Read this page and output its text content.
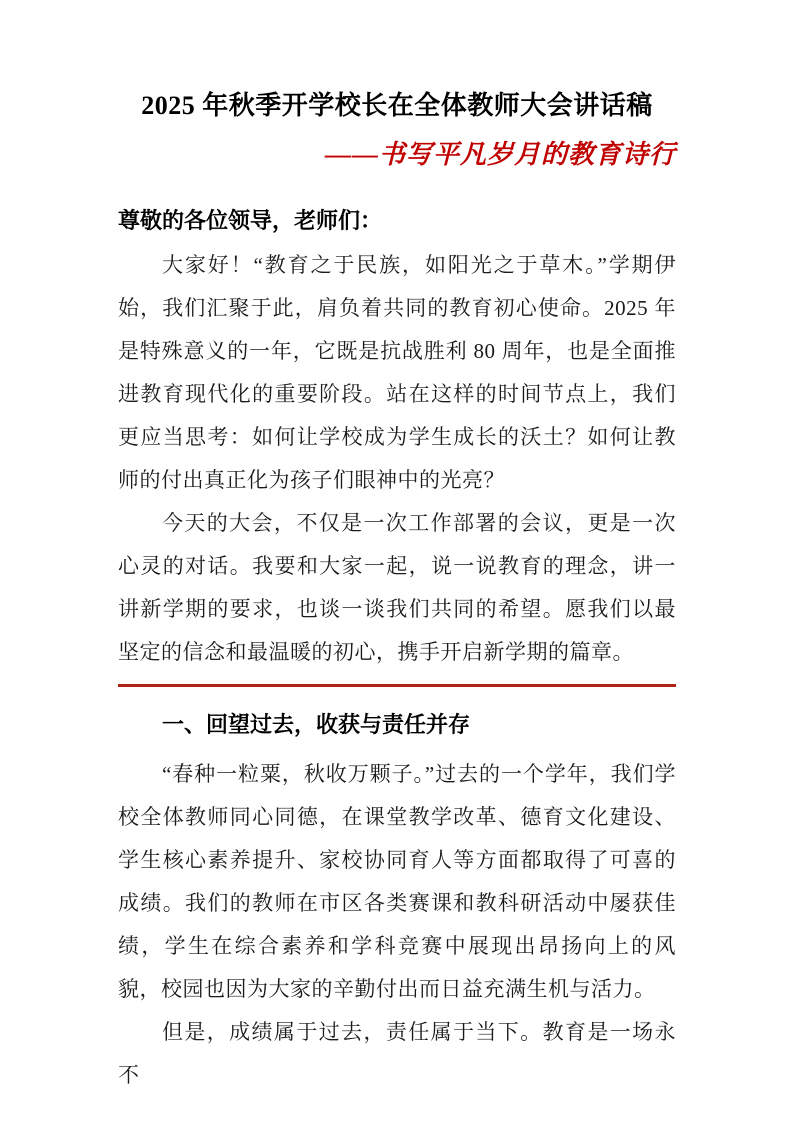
2025 年秋季开学校长在全体教师大会讲话稿
——书写平凡岁月的教育诗行

尊敬的各位领导，老师们：

大家好！“教育之于民族，如阳光之于草木。”学期伊始，我们汇聚于此，肩负着共同的教育初心使命。2025 年是特殊意义的一年，它既是抗战胜利 80 周年，也是全面推进教育现代化的重要阶段。站在这样的时间节点上，我们更应当思考：如何让学校成为学生成长的沃土？如何让教师的付出真正化为孩子们眼神中的光亮？

今天的大会，不仅是一次工作部署的会议，更是一次心灵的对话。我要和大家一起，说一说教育的理念，讲一讲新学期的要求，也谈一谈我们共同的希望。愿我们以最坚定的信念和最温暖的初心，携手开启新学期的篇章。

一、回望过去，收获与责任并存

“春种一粒粟，秋收万颗子。”过去的一个学年，我们学校全体教师同心同德，在课堂教学改革、德育文化建设、学生核心素养提升、家校协同育人等方面都取得了可喜的成绩。我们的教师在市区各类赛课和教科研活动中屡获佳绩，学生在综合素养和学科竞赛中展现出昂扬向上的风貌，校园也因为大家的辛勤付出而日益充满生机与活力。

但是，成绩属于过去，责任属于当下。教育是一场永不
